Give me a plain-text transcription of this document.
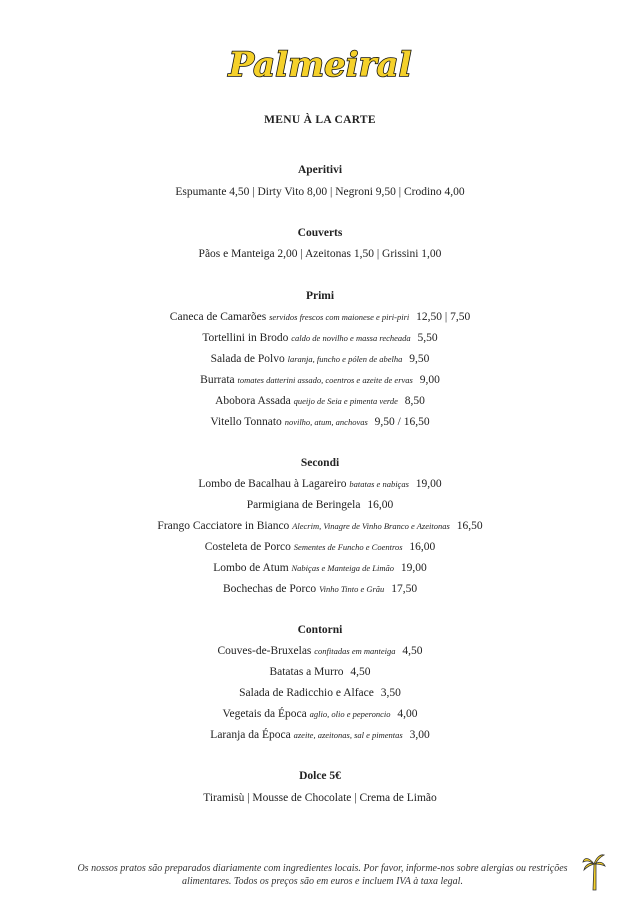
Palmeiral
MENU À LA CARTE
Aperitivi
Espumante 4,50 | Dirty Vito 8,00 | Negroni 9,50 | Crodino 4,00
Couverts
Pãos e Manteiga 2,00 | Azeitonas 1,50 | Grissini 1,00
Primi
Caneca de Camarões servidos frescos com maionese e piri-piri 12,50 | 7,50
Tortellini in Brodo caldo de novilho e massa recheada 5,50
Salada de Polvo laranja, funcho e pólen de abelha 9,50
Burrata tomates datterini assado, coentros e azeite de ervas 9,00
Abobora Assada queijo de Seia e pimenta verde 8,50
Vitello Tonnato novilho, atum, anchovas 9,50 / 16,50
Secondi
Lombo de Bacalhau à Lagareiro batatas e nabiças 19,00
Parmigiana de Beringela 16,00
Frango Cacciatore in Bianco Alecrim, Vinagre de Vinho Branco e Azeitonas 16,50
Costeleta de Porco Sementes de Funcho e Coentros 16,00
Lombo de Atum Nabiças e Manteiga de Limão 19,00
Bochechas de Porco Vinho Tinto e Grãu 17,50
Contorni
Couves-de-Bruxelas confitadas em manteiga 4,50
Batatas a Murro 4,50
Salada de Radicchio e Alface 3,50
Vegetais da Época aglio, olio e peperoncio 4,00
Laranja da Época azeite, azeitonas, sal e pimentas 3,00
Dolce 5€
Tiramisù | Mousse de Chocolate | Crema de Limão
Os nossos pratos são preparados diariamente com ingredientes locais. Por favor, informe-nos sobre alergias ou restrições alimentares. Todos os preços são em euros e incluem IVA à taxa legal.
